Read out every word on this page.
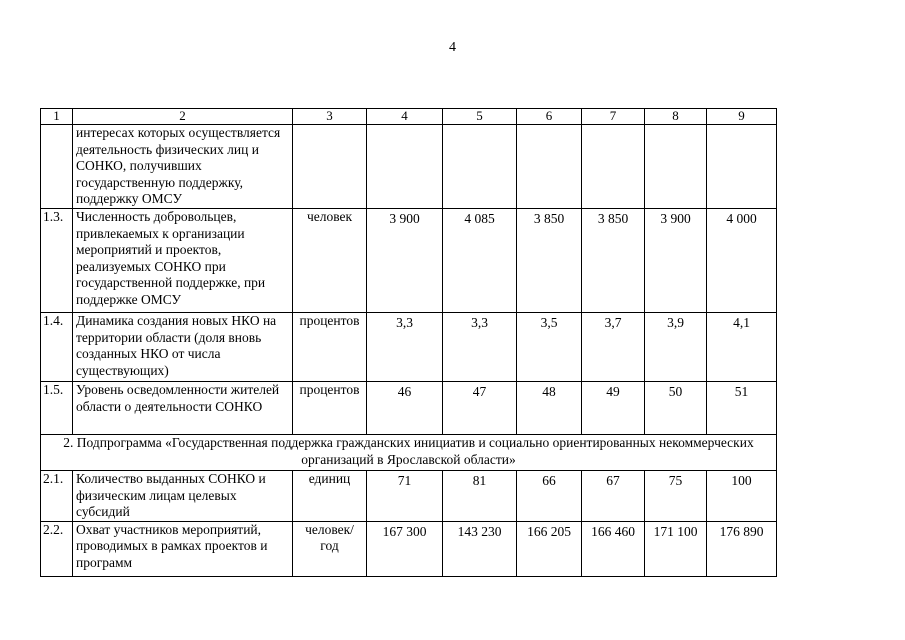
4
1	2	3	4	5	6	7	8	9
	интересах которых осуществляется деятельность физических лиц и СОНКО, получивших государственную поддержку, поддержку ОМСУ							
1.3.	Численность добровольцев, привлекаемых к организации мероприятий и проектов, реализуемых СОНКО при государственной поддержке, при поддержке ОМСУ	человек	3 900	4 085	3 850	3 850	3 900	4 000
1.4.	Динамика создания новых НКО на территории области (доля вновь созданных НКО от числа существующих)	процентов	3,3	3,3	3,5	3,7	3,9	4,1
1.5.	Уровень осведомленности жителей области о деятельности СОНКО	процентов	46	47	48	49	50	51
2. Подпрограмма «Государственная поддержка гражданских инициатив и социально ориентированных некоммерческих организаций в Ярославской области»								
2.1.	Количество выданных СОНКО и физическим лицам целевых субсидий	единиц	71	81	66	67	75	100
2.2.	Охват участников мероприятий, проводимых в рамках проектов и программ	человек/ год	167 300	143 230	166 205	166 460	171 100	176 890
